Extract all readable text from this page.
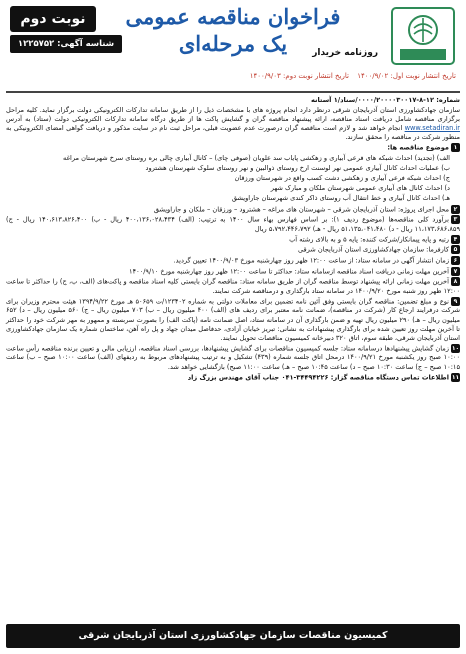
روزنامه خریدار
فراخوان مناقصه عمومی
یک مرحله‌ای
نوبت دوم
شناسه آگهی: ۱۲۲۵۷۵۲
تاریخ انتشار نوبت اول: ۱۴۰۰/۹/۰۲ تاریخ انتشار نوبت دوم: ۱۴۰۰/۹/۰۳

شماره: ۱۲-۸-۰۰۰۰/۲۰۰۰۰۳۰۰۱۷/سناد/۱ آستانه

سازمان جهادکشاورزی استان آذربایجان شرقی درنظر دارد انجام پروژه های با مشخصات ذیل را از طریق سامانه تدارکات الکترونیکی دولت برگزار نماید. کلیه مراحل برگزاری مناقصه شامل دریافت اسناد مناقصه، ارائه پیشنهاد مناقصه گران و گشایش پاکت ها از طریق درگاه سامانه تدارکات الکترونیکی دولت (ستاد) به آدرس www.setadiran.ir انجام خواهد شد و لازم است مناقصه گران درصورت عدم عضویت قبلی، مراحل ثبت نام در سایت مذکور و دریافت گواهی امضای الکترونیکی به منظور شرکت در مناقصه را محقق سازند.

۱موضوع مناقصه ها:

الف) (تجدید) احداث شبکه های فرعی آبیاری و زهکشی پایاب سد علویان (صوفی چای) – کانال آبیاری چالی بره روستای سرخ شهرستان مراغه

ب) عملیات احداث کانال آبیاری عمومی نهر لوسنت ارخ روستای ذوالبین و نهر روستای سلوک شهرستان هشترود

ج) احداث شبکه فرعی آبیاری و زهکشی دشت کسب واقع در شهرستان ورزقان

د) احداث کانال های آبیاری عمومی شهرستان ملکان و مبارک شهر

هـ) احداث کانال آبیاری و خط انتقال آب روستای ذاکر کندی شهرستان جاراویشق

۲محل اجرای پروژه: استان آذربایجان شرقی – شهرستان های مراغه – هشترود – ورزقان – ملکان و جاراویشق

۳برآورد کلی مناقصه‌ها (موضوع ردیف ۱): بر اساس فهارس بهاء سال ۱۴۰۰ به ترتیب: (الف) ۴۰۰،۱۳۶،۰۲۸،۴۳۴ ریال - ب) ۱۴۰،۶۱۳،۸۲۶،۴۰۰ ریال - ج) ۱۱،۱۷۳،۶۸۶،۸۵۹ ریال - د) ۵۱،۱۳۵،۰۴۱،۴۸۰ ریال - هـ) ۵،۷۹۲،۴۴۶،۷۹۲ ریال

۴رتبه و پایه پیمانکار/شرکت کننده: پایه ۵ و به بالای رشته آب

۵کارفرما: سازمان جهادکشاورزی استان آذربایجان شرقی

۶زمان انتشار آگهی در سامانه ستاد: از ساعت ۱۲:۰۰ ظهر روز چهارشنبه مورخ ۱۴۰۰/۹/۰۳ تعیین گردید.

۷آخرین مهلت زمانی دریافت اسناد مناقصه ازسامانه ستاد: حداکثر تا ساعت ۱۲:۰۰ ظهر روز چهارشنبه مورخ ۱۴۰۰/۹/۱۰

۸آخرین مهلت زمانی ارائه پیشنهاد توسط مناقصه گران از طریق سامانه ستاد: مناقصه گران بایستی کلیه اسناد مناقصه و پاکت‌های (الف، ب، ج) را حداکثر تا ساعت ۱۲:۰۰ ظهر روز شنبه مورخ ۱۴۰۰/۹/۲۰ در سامانه ستاد بارگذاری و درمناقصه شرکت نمایند.

۹نوع و مبلغ تضمین: مناقصه گران بایستی وفق آئین نامه تضمین برای معاملات دولتی به شماره ۱۲۳۴۰۲/ت ۵۰۶۵۹ هـ مورخ ۱۳۹۴/۹/۲۲ هیئت محترم وزیران برای شرکت درفرایند ارجاع کار (شرکت در مناقصه)، ضمانت نامه معتبر برای ردیف های (الف) ۴۰۰ میلیون ریال – ب) ۷۰۳ میلیون ریال – ج) ۵۶۰ میلیون ریال – د) ۶۵۲ میلیون ریال – هـ) ۲۹۰ میلیون ریال تهیه و ضمن بارگذاری آن در سامانه ستاد، اصل ضمانت نامه (پاکت الف) را بصورت سربسته و ممهور به مهر شرکت خود را حداکثر تا آخرین مهلت روز تعیین شده برای بارگذاری پیشنهادات به نشانی: تبریز خیابان آزادی، حدفاصل میدان جهاد و پل راه آهن، ساختمان شماره یک سازمان جهادکشاورزی استان آذربایجان شرقی، طبقه سوم، اتاق ۳۲۰ دبیرخانه کمیسیون مناقصات تحویل نمایند.

۱۰زمان گشایش پیشنهادها درسامانه ستاد: جلسه کمیسیون مناقصات برای گشایش پیشنهادها، بررسی اسناد مناقصه، ارزیابی مالی و تعیین برنده مناقصه رأس ساعت ۱۰:۰۰ صبح روز یکشنبه مورخ ۱۴۰۰/۹/۲۱ درمحل اتاق جلسه شماره (۴۳۹) تشکیل و به ترتیب پیشنهادهای مربوط به ردیفهای (الف) ساعت ۱۰:۰۰ صبح – ب) ساعت ۱۰:۱۵ صبح – ج) ساعت ۱۰:۳۰ صبح – د) ساعت ۱۰:۴۵ صبح – هـ) ساعت ۱۱:۰۰ صبح) بازگشایی خواهد شد.

۱۱اطلاعات تماس دستگاه مناقصه گزار: ۳۴۴۹۴۲۲۶-۰۴۱ جناب آقای مهندس بزرگ زاد

کمیسیون مناقصات سازمان جهادکشاورزی استان آذربایجان شرقی
